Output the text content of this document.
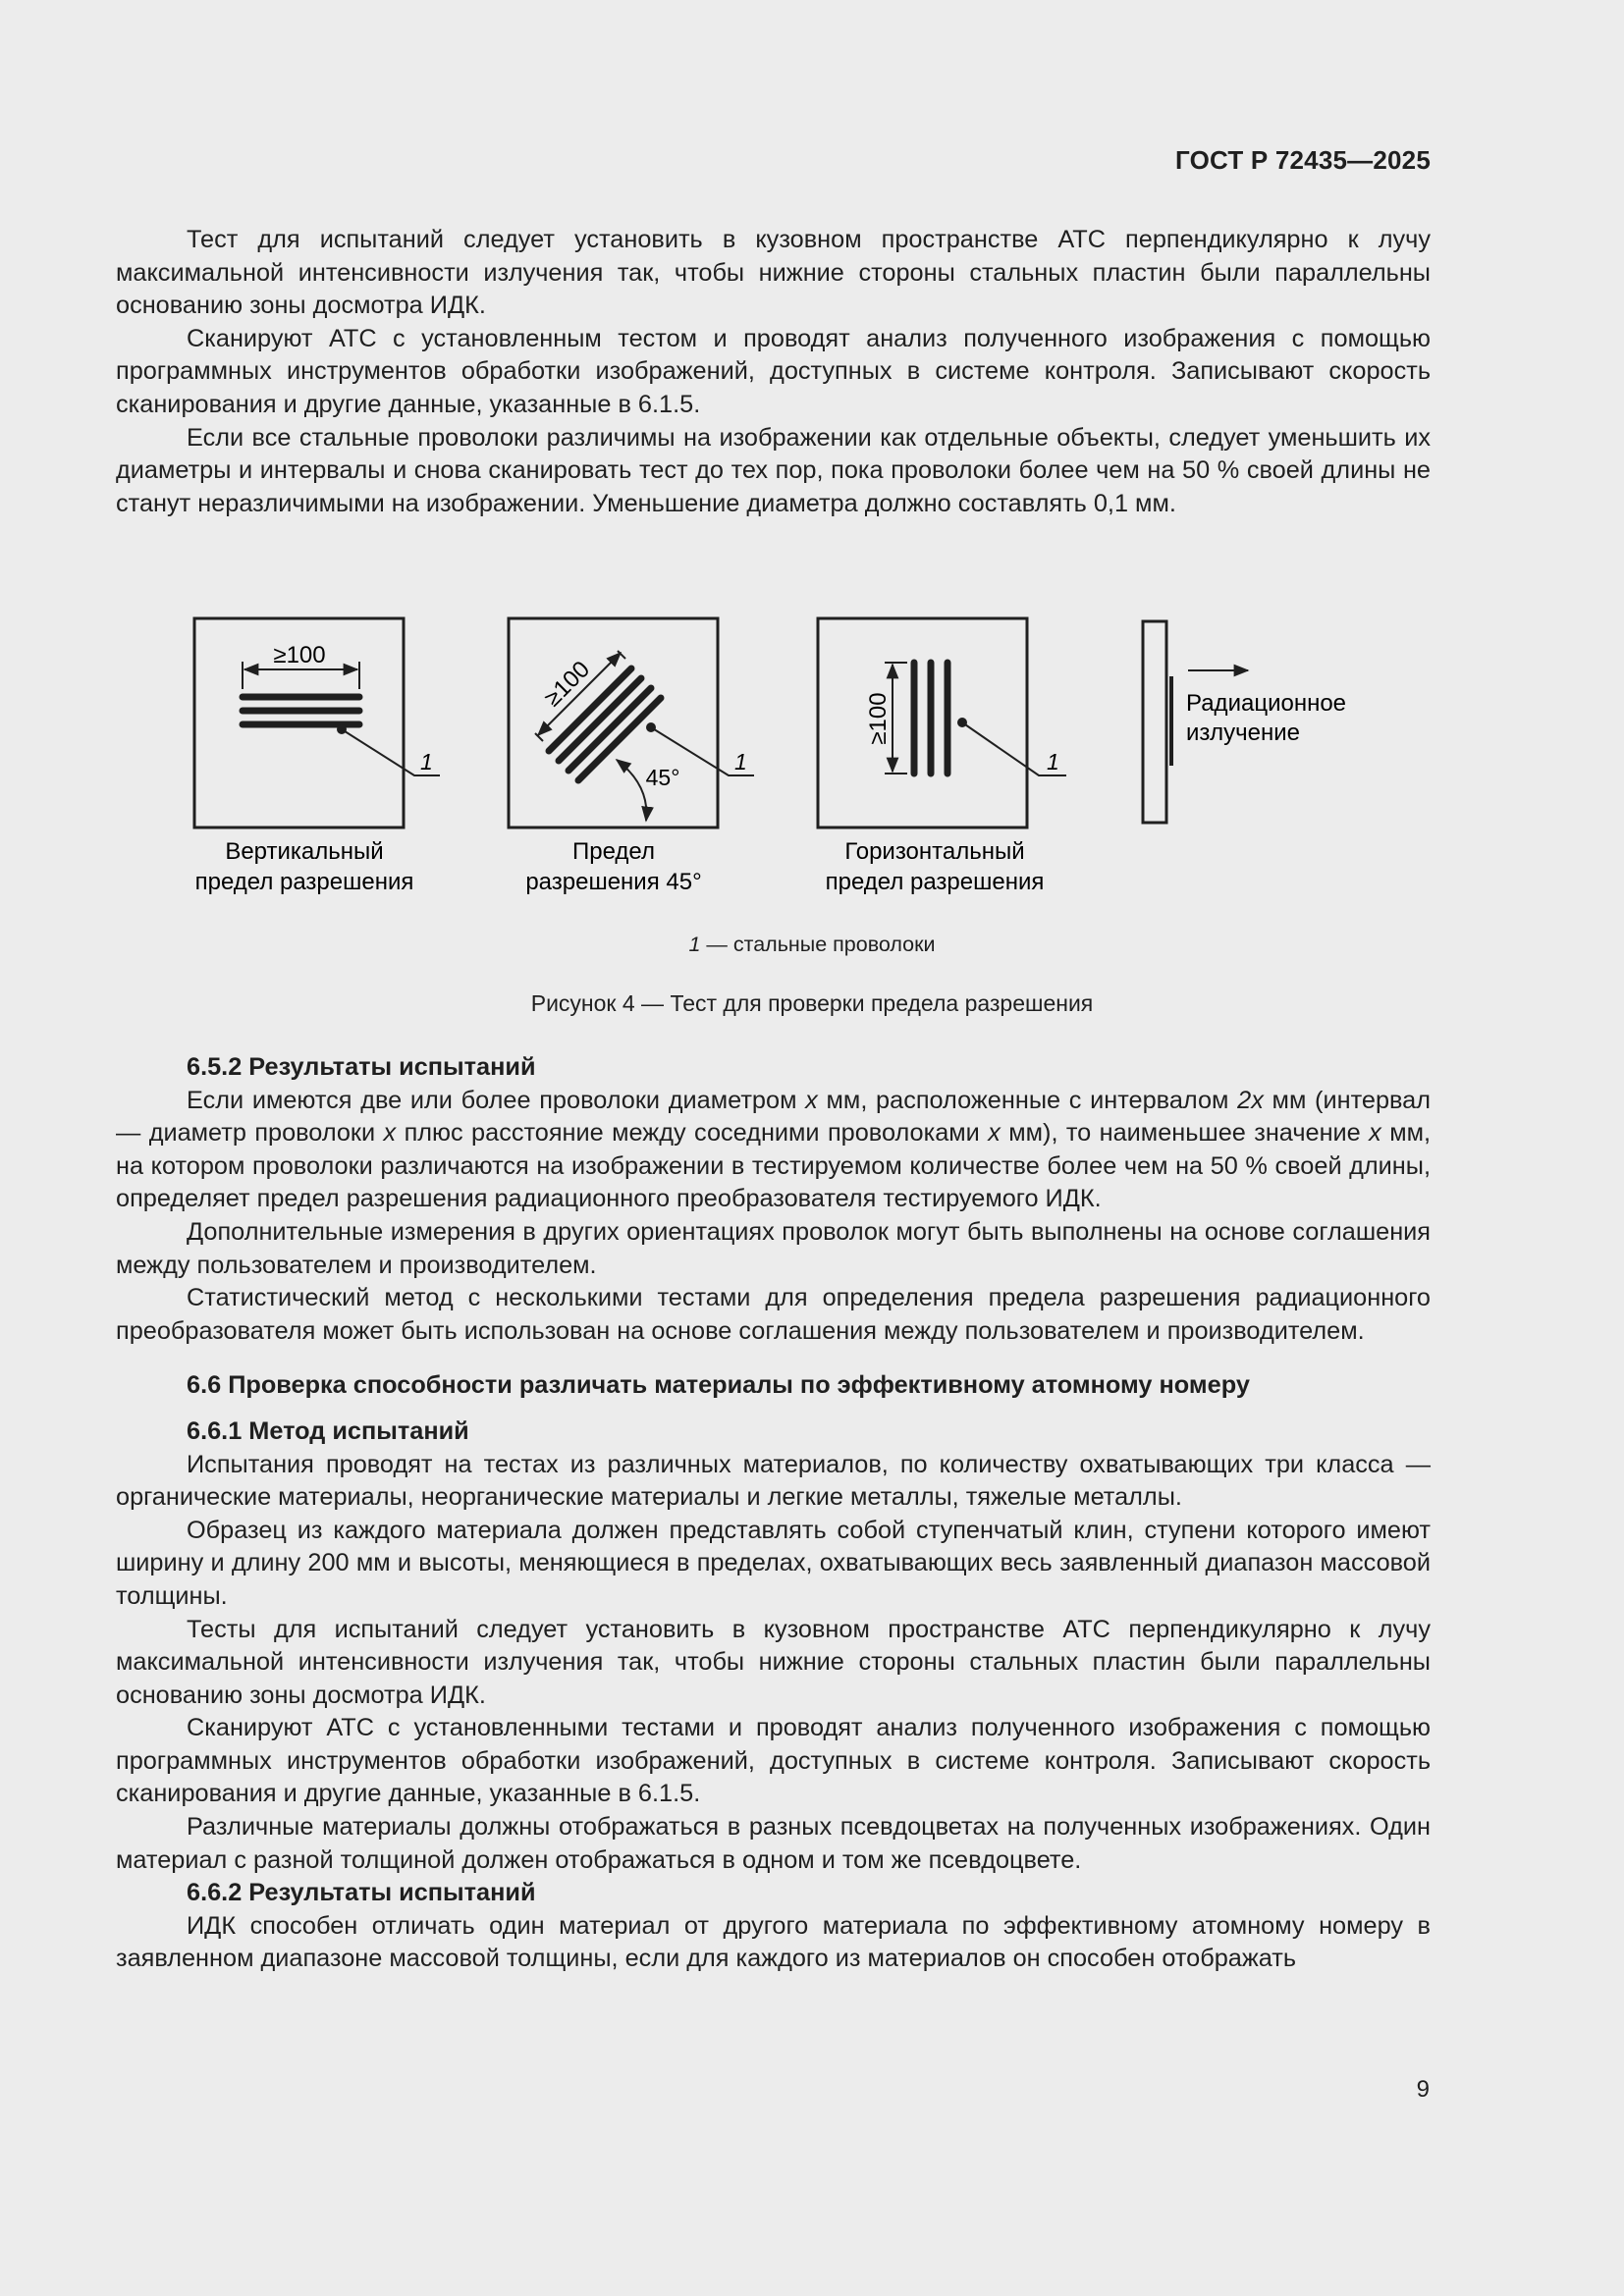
ГОСТ Р 72435—2025

Тест для испытаний следует установить в кузовном пространстве АТС перпендикулярно к лучу максимальной интенсивности излучения так, чтобы нижние стороны стальных пластин были параллельны основанию зоны досмотра ИДК.

Сканируют АТС с установленным тестом и проводят анализ полученного изображения с помощью программных инструментов обработки изображений, доступных в системе контроля. Записывают скорость сканирования и другие данные, указанные в 6.1.5.

Если все стальные проволоки различимы на изображении как отдельные объекты, следует уменьшить их диаметры и интервалы и снова сканировать тест до тех пор, пока проволоки более чем на 50 % своей длины не станут неразличимыми на изображении. Уменьшение диаметра должно составлять 0,1 мм.

≥100
1
Вертикальный
предел разрешения
≥100
45°
1
Предел
разрешения 45°
≥100
1
Горизонтальный
предел разрешения
Радиационное
излучение
1 — стальные проволоки
Рисунок 4 — Тест для проверки предела разрешения

6.5.2 Результаты испытаний

Если имеются две или более проволоки диаметром x мм, расположенные с интервалом 2x мм (интервал — диаметр проволоки x плюс расстояние между соседними проволоками x мм), то наименьшее значение x мм, на котором проволоки различаются на изображении в тестируемом количестве более чем на 50 % своей длины, определяет предел разрешения радиационного преобразователя тестируемого ИДК.

Дополнительные измерения в других ориентациях проволок могут быть выполнены на основе соглашения между пользователем и производителем.

Статистический метод с несколькими тестами для определения предела разрешения радиационного преобразователя может быть использован на основе соглашения между пользователем и производителем.

6.6 Проверка способности различать материалы по эффективному атомному номеру

6.6.1 Метод испытаний

Испытания проводят на тестах из различных материалов, по количеству охватывающих три класса — органические материалы, неорганические материалы и легкие металлы, тяжелые металлы.

Образец из каждого материала должен представлять собой ступенчатый клин, ступени которого имеют ширину и длину 200 мм и высоты, меняющиеся в пределах, охватывающих весь заявленный диапазон массовой толщины.

Тесты для испытаний следует установить в кузовном пространстве АТС перпендикулярно к лучу максимальной интенсивности излучения так, чтобы нижние стороны стальных пластин были параллельны основанию зоны досмотра ИДК.

Сканируют АТС с установленными тестами и проводят анализ полученного изображения с помощью программных инструментов обработки изображений, доступных в системе контроля. Записывают скорость сканирования и другие данные, указанные в 6.1.5.

Различные материалы должны отображаться в разных псевдоцветах на полученных изображениях. Один материал с разной толщиной должен отображаться в одном и том же псевдоцвете.

6.6.2 Результаты испытаний

ИДК способен отличать один материал от другого материала по эффективному атомному номеру в заявленном диапазоне массовой толщины, если для каждого из материалов он способен отображать

9
